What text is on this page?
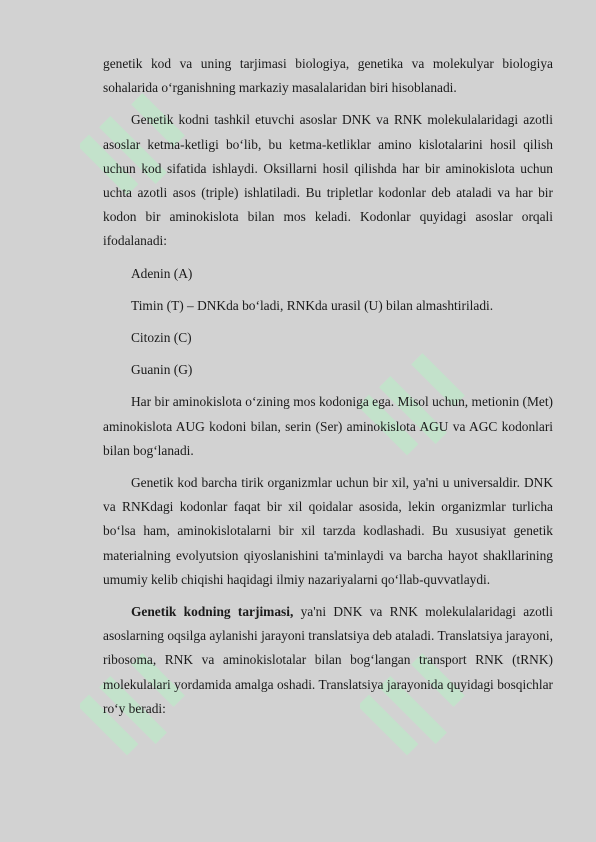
genetik kod va uning tarjimasi biologiya, genetika va molekulyar biologiya sohalarida o‘rganishning markaziy masalalaridan biri hisoblanadi.

Genetik kodni tashkil etuvchi asoslar DNK va RNK molekulalaridagi azotli asoslar ketma-ketligi bo‘lib, bu ketma-ketliklar amino kislotalarini hosil qilish uchun kod sifatida ishlaydi. Oksillarni hosil qilishda har bir aminokislota uchun uchta azotli asos (triple) ishlatiladi. Bu tripletlar kodonlar deb ataladi va har bir kodon bir aminokislota bilan mos keladi. Kodonlar quyidagi asoslar orqali ifodalanadi:

Adenin (A)

Timin (T) – DNKda bo‘ladi, RNKda urasil (U) bilan almashtiriladi.

Citozin (C)

Guanin (G)

Har bir aminokislota o‘zining mos kodoniga ega. Misol uchun, metionin (Met) aminokislota AUG kodoni bilan, serin (Ser) aminokislota AGU va AGC kodonlari bilan bog‘lanadi.

Genetik kod barcha tirik organizmlar uchun bir xil, ya'ni u universaldir. DNK va RNKdagi kodonlar faqat bir xil qoidalar asosida, lekin organizmlar turlicha bo‘lsa ham, aminokislotalarni bir xil tarzda kodlashadi. Bu xususiyat genetik materialning evolyutsion qiyoslanishini ta'minlaydi va barcha hayot shakllarining umumiy kelib chiqishi haqidagi ilmiy nazariyalarni qo‘llab-quvvatlaydi.

Genetik kodning tarjimasi, ya'ni DNK va RNK molekulalaridagi azotli asoslarning oqsilga aylanishi jarayoni translatsiya deb ataladi. Translatsiya jarayoni, ribosoma, RNK va aminokislotalar bilan bog‘langan transport RNK (tRNK) molekulalari yordamida amalga oshadi. Translatsiya jarayonida quyidagi bosqichlar ro‘y beradi:
